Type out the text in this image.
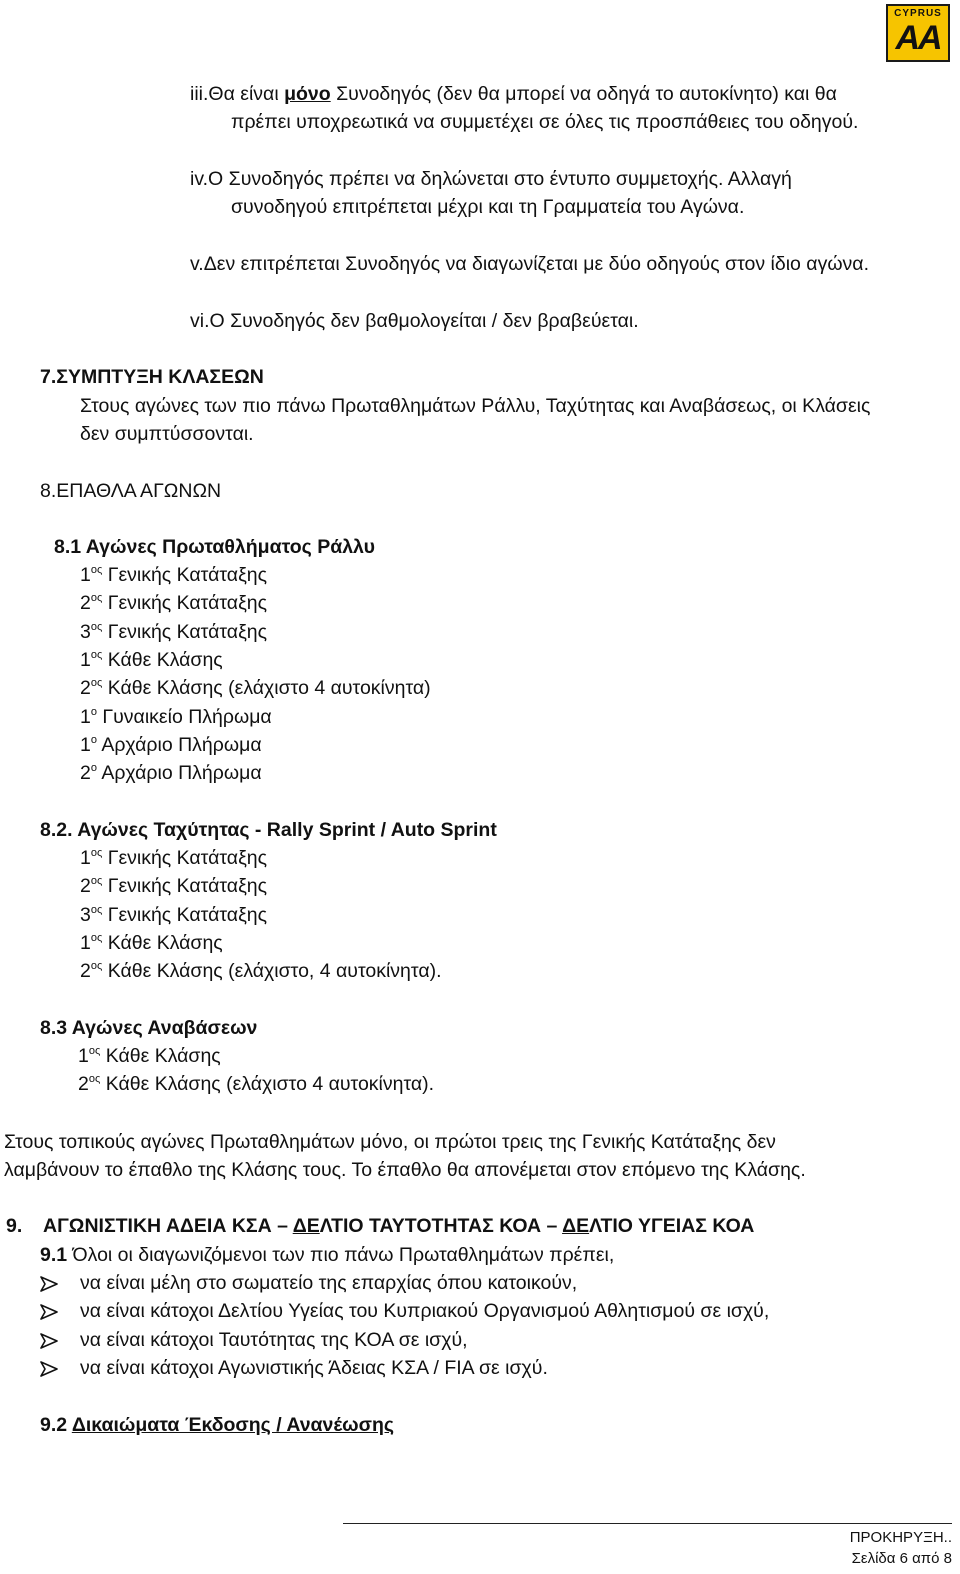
CYPRUS
AA
iii.Θα είναι μόνο Συνοδηγός (δεν θα μπορεί να οδηγά το αυτοκίνητο) και θα
πρέπει υποχρεωτικά να συμμετέχει σε όλες τις προσπάθειες του οδηγού.
iv.Ο Συνοδηγός πρέπει να δηλώνεται στο έντυπο συμμετοχής. Αλλαγή
συνοδηγού επιτρέπεται μέχρι και τη Γραμματεία του Αγώνα.
v.Δεν επιτρέπεται Συνοδηγός να διαγωνίζεται με δύο οδηγούς στον ίδιο αγώνα.
vi.Ο Συνοδηγός δεν βαθμολογείται / δεν βραβεύεται.
7.ΣΥΜΠΤΥΞΗ ΚΛΑΣΕΩΝ
Στους αγώνες των πιο πάνω Πρωταθλημάτων Ράλλυ, Ταχύτητας και Αναβάσεως, οι Κλάσεις
δεν συμπτύσσονται.
8.ΕΠΑΘΛΑ ΑΓΩΝΩΝ
8.1 Αγώνες Πρωταθλήματος Ράλλυ
$1^{o\varsigma}$ Γενικής Κατάταξης
$2^{o\varsigma}$ Γενικής Κατάταξης
$3^{o\varsigma}$ Γενικής Κατάταξης
$1^{o\varsigma}$ Κάθε Κλάσης
$2^{o\varsigma}$ Κάθε Κλάσης (ελάχιστο 4 αυτοκίνητα)
$1^o$ Γυναικείο Πλήρωμα
$1^o$ Αρχάριο Πλήρωμα
$2^o$ Αρχάριο Πλήρωμα
8.2. Αγώνες Ταχύτητας - Rally Sprint / Auto Sprint
$1^{o\varsigma}$ Γενικής Κατάταξης
$2^{o\varsigma}$ Γενικής Κατάταξης
$3^{o\varsigma}$ Γενικής Κατάταξης
$1^{o\varsigma}$ Κάθε Κλάσης
$2^{o\varsigma}$ Κάθε Κλάσης (ελάχιστο, 4 αυτοκίνητα).
8.3 Αγώνες Αναβάσεων
$1^{o\varsigma}$ Κάθε Κλάσης
$2^{o\varsigma}$ Κάθε Κλάσης (ελάχιστο 4 αυτοκίνητα).
Στους τοπικούς αγώνες Πρωταθλημάτων μόνο, οι πρώτοι τρεις της Γενικής Κατάταξης δεν
λαμβάνουν το έπαθλο της Κλάσης τους. Το έπαθλο θα απονέμεται στον επόμενο της Κλάσης.
9. ΑΓΩΝΙΣΤΙΚΗ ΑΔΕΙΑ ΚΣΑ – ΔΕΛΤΙΟ ΤΑΥΤΟΤΗΤΑΣ ΚΟΑ – ΔΕΛΤΙΟ ΥΓΕΙΑΣ ΚΟΑ
9.1 Όλοι οι διαγωνιζόμενοι των πιο πάνω Πρωταθλημάτων πρέπει,
να είναι μέλη στο σωματείο της επαρχίας όπου κατοικούν,
να είναι κάτοχοι Δελτίου Υγείας του Κυπριακού Οργανισμού Αθλητισμού σε ισχύ,
να είναι κάτοχοι Ταυτότητας της ΚΟΑ σε ισχύ,
να είναι κάτοχοι Αγωνιστικής Άδειας ΚΣΑ / FIA σε ισχύ.
9.2 Δικαιώματα Έκδοσης / Ανανέωσης
ΠΡΟΚΗΡΥΞΗ..
Σελίδα 6 από 8
